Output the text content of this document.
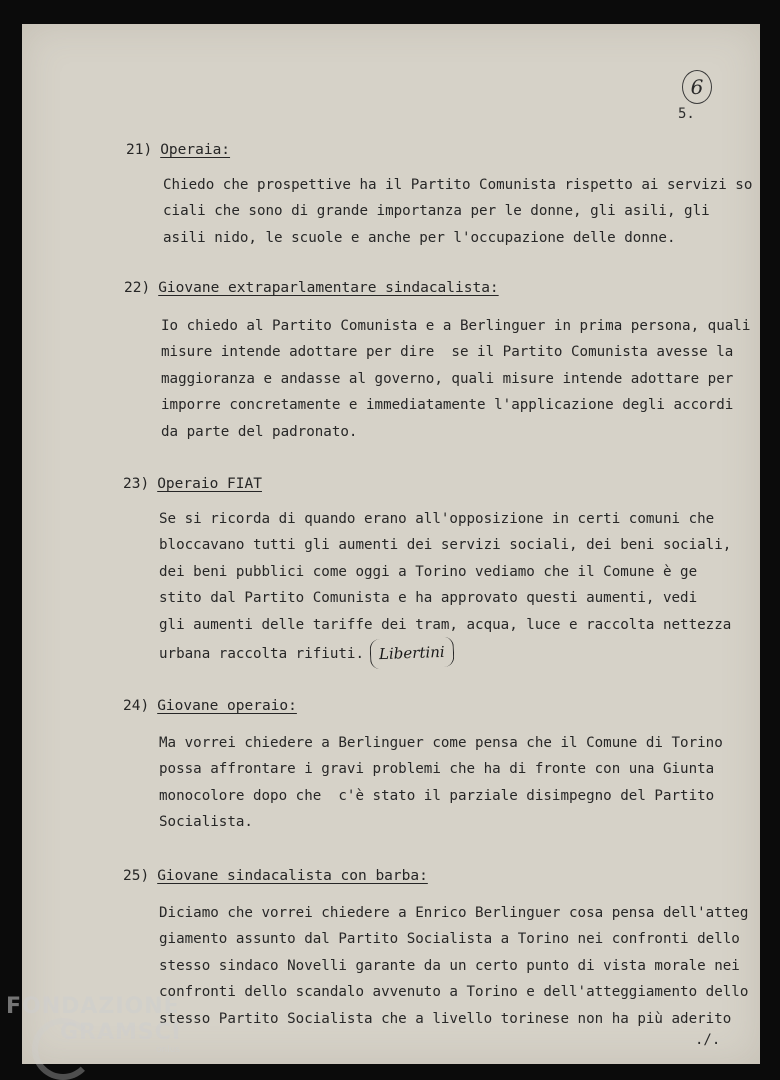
6
5.
21) Operaia:
Chiedo che prospettive ha il Partito Comunista rispetto ai servizi so
ciali che sono di grande importanza per le donne, gli asili, gli
asili nido, le scuole e anche per l'occupazione delle donne.
22) Giovane extraparlamentare sindacalista:
Io chiedo al Partito Comunista e a Berlinguer in prima persona, quali
misure intende adottare per dire  se il Partito Comunista avesse la
maggioranza e andasse al governo, quali misure intende adottare per
imporre concretamente e immediatamente l'applicazione degli accordi
da parte del padronato.
23) Operaio FIAT
Se si ricorda di quando erano all'opposizione in certi comuni che
bloccavano tutti gli aumenti dei servizi sociali, dei beni sociali,
dei beni pubblici come oggi a Torino vediamo che il Comune è ge
stito dal Partito Comunista e ha approvato questi aumenti, vedi
gli aumenti delle tariffe dei tram, acqua, luce e raccolta nettezza
urbana raccolta rifiuti. Libertini
24) Giovane operaio:
Ma vorrei chiedere a Berlinguer come pensa che il Comune di Torino
possa affrontare i gravi problemi che ha di fronte con una Giunta
monocolore dopo che  c'è stato il parziale disimpegno del Partito
Socialista.
25) Giovane sindacalista con barba:
Diciamo che vorrei chiedere a Enrico Berlinguer cosa pensa dell'atteg
giamento assunto dal Partito Socialista a Torino nei confronti dello
stesso sindaco Novelli garante da un certo punto di vista morale nei
confronti dello scandalo avvenuto a Torino e dell'atteggiamento dello
stesso Partito Socialista che a livello torinese non ha più aderito
./.
FONDAZIONE
GRAMSCI
onlus
